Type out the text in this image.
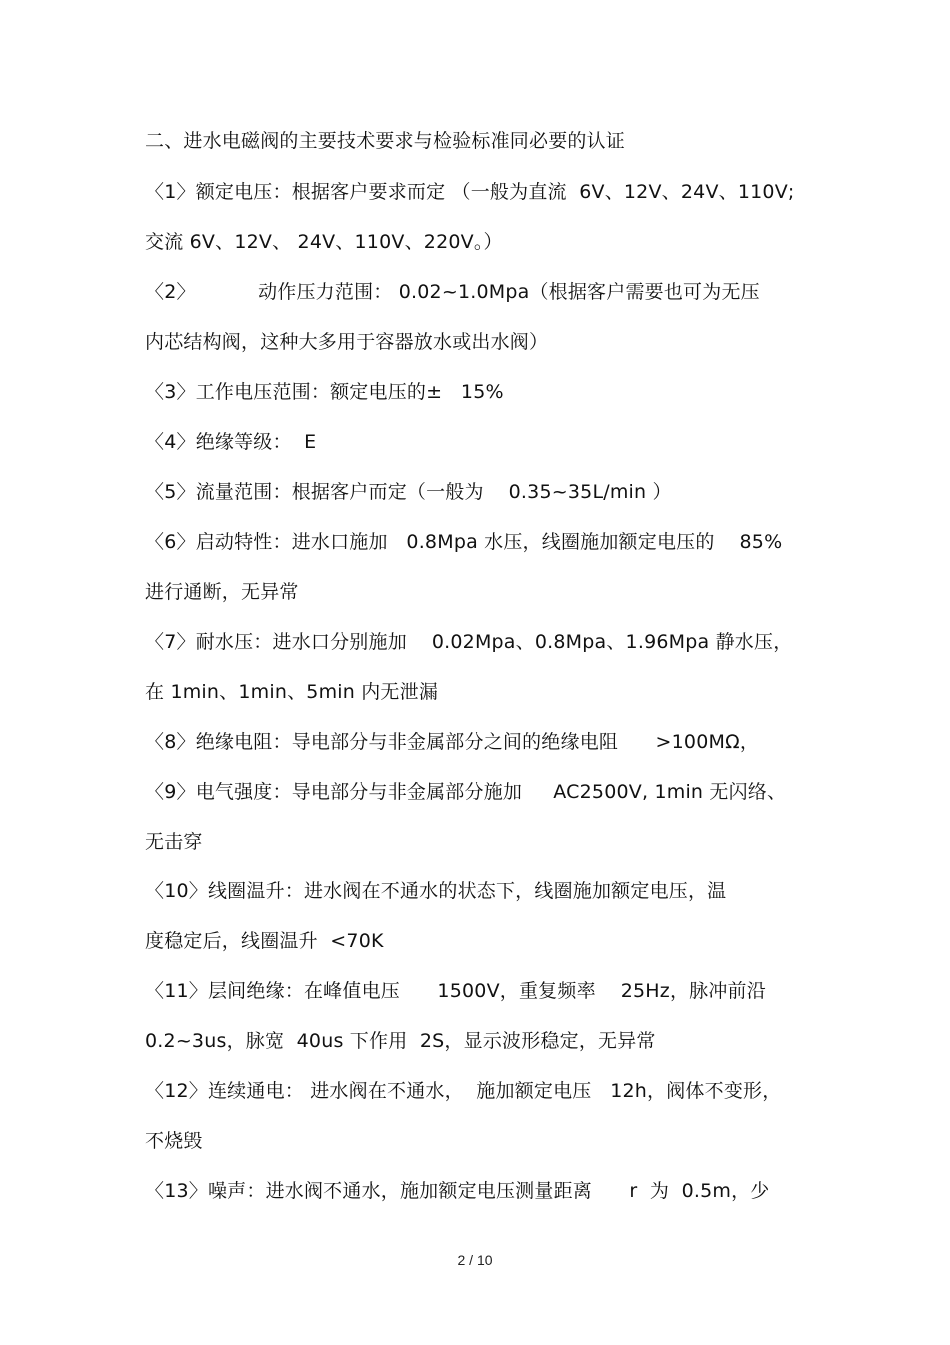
二、进水电磁阀的主要技术要求与检验标准同必要的认证
〈1〉额定电压：根据客户要求而定 （一般为直流  6V、12V、24V、110V;
交流 6V、12V、 24V、110V、220V。）
〈2〉          动作压力范围： 0.02~1.0Mpa（根据客户需要也可为无压
内芯结构阀，这种大多用于容器放水或出水阀）
〈3〉工作电压范围：额定电压的±   15%
〈4〉绝缘等级：  E
〈5〉流量范围：根据客户而定（一般为    0.35~35L/min ）
〈6〉启动特性：进水口施加   0.8Mpa 水压，线圈施加额定电压的    85%
进行通断，无异常
〈7〉耐水压：进水口分别施加    0.02Mpa、0.8Mpa、1.96Mpa 静水压，
在 1min、1min、5min 内无泄漏
〈8〉绝缘电阻：导电部分与非金属部分之间的绝缘电阻      >100MΩ，
〈9〉电气强度：导电部分与非金属部分施加     AC2500V, 1min 无闪络、
无击穿
〈10〉线圈温升：进水阀在不通水的状态下，线圈施加额定电压，温
度稳定后，线圈温升  <70K
〈11〉层间绝缘：在峰值电压      1500V，重复频率    25Hz，脉冲前沿
0.2~3us，脉宽  40us 下作用  2S，显示波形稳定，无异常
〈12〉连续通电： 进水阀在不通水，  施加额定电压   12h，阀体不变形，
不烧毁
〈13〉噪声：进水阀不通水，施加额定电压测量距离      r  为  0.5m，少
2 / 10
